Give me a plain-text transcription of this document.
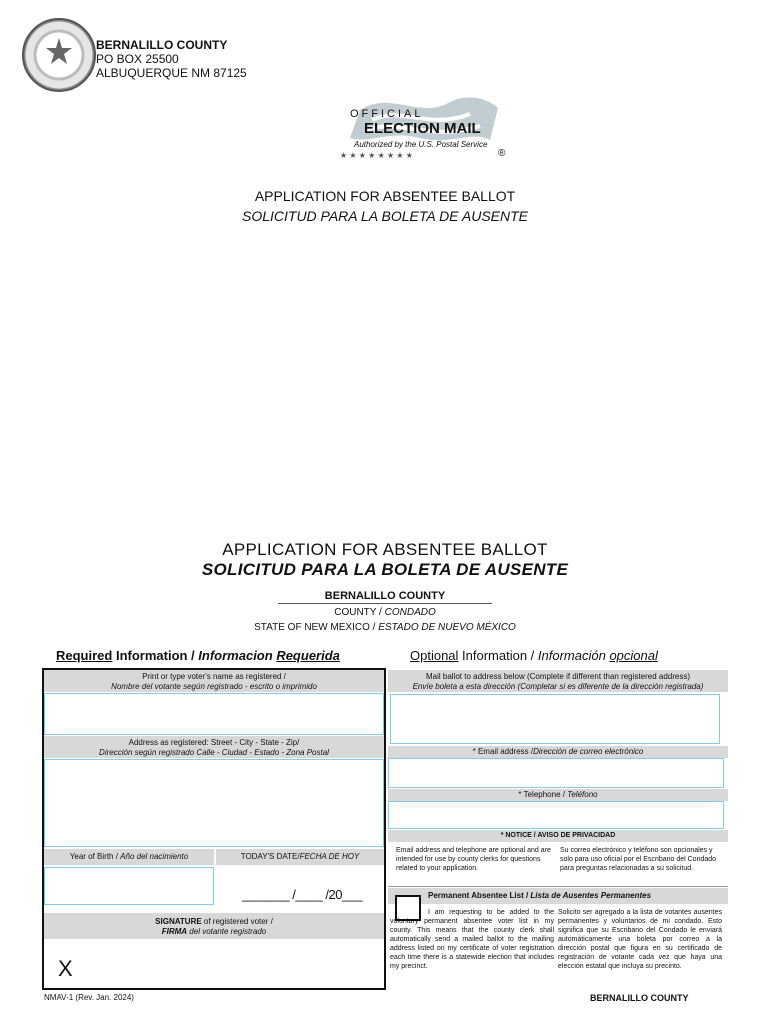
BERNALILLO COUNTY
PO BOX 25500
ALBUQUERQUE NM 87125
★ ★ ★ ★ ★ ★ ★ ★
OFFICIAL
ELECTION MAIL
Authorized by the U.S. Postal Service
®
APPLICATION FOR ABSENTEE BALLOT
SOLICITUD PARA LA BOLETA DE AUSENTE
APPLICATION FOR ABSENTEE BALLOT
SOLICITUD PARA LA BOLETA DE AUSENTE
BERNALILLO COUNTY
COUNTY / CONDADO
STATE OF NEW MEXICO / ESTADO DE NUEVO MÉXICO
Required Information / Informacion Requerida	Optional Information / Información opcional
Print or type voter's name as registered /
Nombre del votante según registrado - escrito o imprimido
Address as registered: Street - City - State - Zip/
Dirección según registrado Calle - Ciudad - Estado - Zona Postal
Year of Birth / Año del nacimiento	TODAY'S DATE/FECHA DE HOY
_______ /____ /20___
SIGNATURE of registered voter /
FIRMA del votante registrado
X
Mail ballot to address below (Complete if different than registered address)
Envíe boleta a esta dirección (Completar si es diferente de la dirección registrada)
* Email address /Dirección de correo electrónico
* Telephone / Teléfono
* NOTICE / AVISO DE PRIVACIDAD
Email address and telephone are optional and are intended for use by county clerks for questions related to your application.
Su correo electrónico y teléfono son opcionales y solo para uso oficial por el Escribano del Condado para preguntas relacionadas a su solicitud.
Permanent Absentee List / Lista de Ausentes Permanentes
I am requesting to be added to the voluntary permanent absentee voter list in my county. This means that the county clerk shall automatically send a mailed ballot to the mailing address listed on my certificate of voter registration each time there is a statewide election that includes my precinct.
Solicito ser agregado a la lista de votantes ausentes permanentes y voluntarios de mi condado. Esto significa que su Escribano del Condado le enviará automáticamente una boleta por correo a la dirección postal que figura en su certificado de registración de votante cada vez que haya una elección estatal que incluya su precinto.
NMAV-1 (Rev. Jan. 2024)	BERNALILLO COUNTY
